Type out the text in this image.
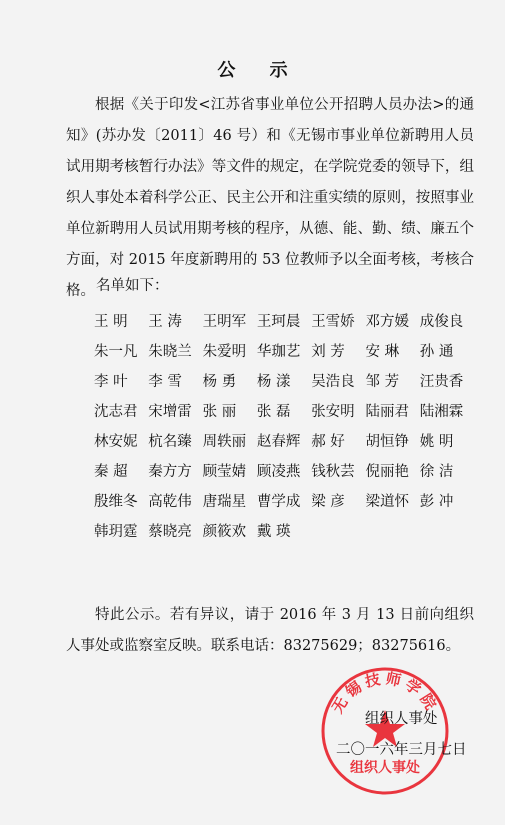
公 示

根据《关于印发<江苏省事业单位公开招聘人员办法>的通知》(苏办发〔2011〕46 号）和《无锡市事业单位新聘用人员试用期考核暂行办法》等文件的规定，在学院党委的领导下，组织人事处本着科学公正、民主公开和注重实绩的原则，按照事业单位新聘用人员试用期考核的程序，从德、能、勤、绩、廉五个方面，对 2015 年度新聘用的 53 位教师予以全面考核，考核合格。 名单如下：

王 明	王 涛	王明军 王珂晨 王雪娇 邓方媛 成俊良
朱一凡 朱晓兰 朱爱明 华珈艺 刘 芳	安 琳	孙 通
李 叶	李 雪	杨 勇	杨 漾	吴浩良 邹 芳	汪贵香
沈志君 宋增雷 张 丽	张 磊	张安明 陆丽君 陆湘霖
林安妮 杭名臻 周轶丽 赵春辉 郝 好	胡恒铮 姚 明
秦 超	秦方方 顾莹婧 顾凌燕 钱秋芸 倪丽艳 徐 洁
殷维冬 高乾伟 唐瑞星 曹学成 梁 彦	梁道怀 彭 冲
韩玥霆 蔡晓亮 颜筱欢 戴 瑛

特此公示。若有异议，请于 2016 年 3 月 13 日前向组织人事处或监察室反映。联系电话：83275629；83275616。

无锡技师学院
组织人事处
组织人事处
二〇一六年三月七日
